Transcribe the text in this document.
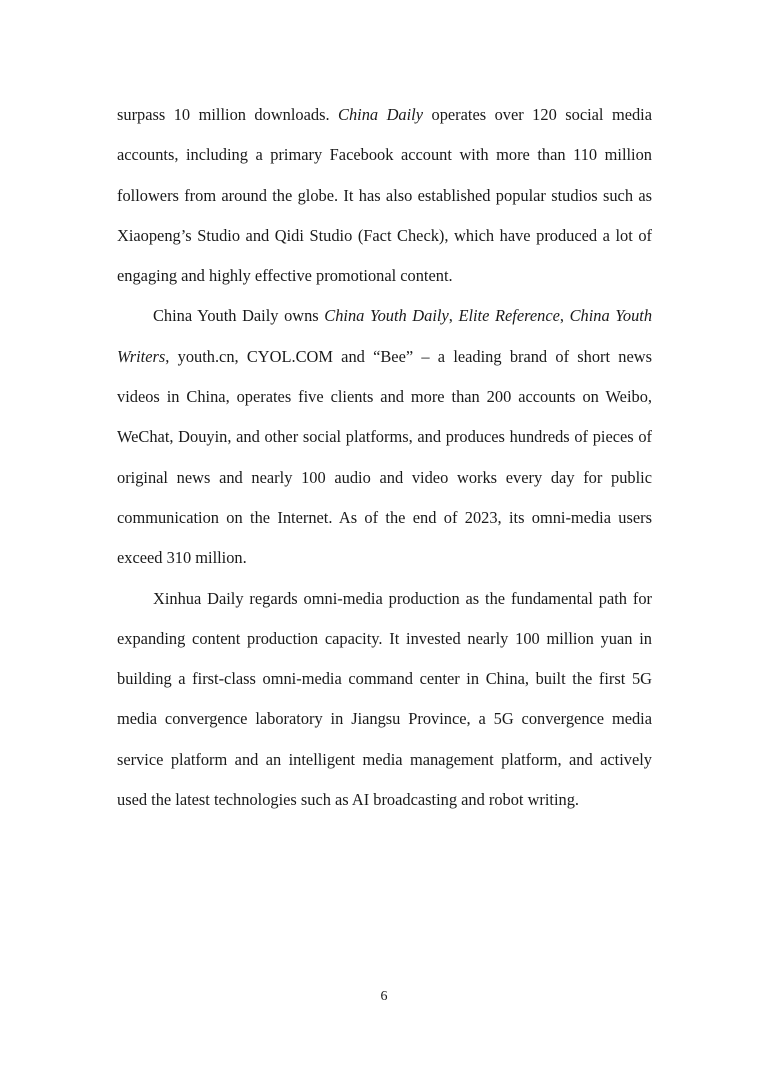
surpass 10 million downloads. China Daily operates over 120 social media accounts, including a primary Facebook account with more than 110 million followers from around the globe. It has also established popular studios such as Xiaopeng’s Studio and Qidi Studio (Fact Check), which have produced a lot of engaging and highly effective promotional content.

China Youth Daily owns China Youth Daily, Elite Reference, China Youth Writers, youth.cn, CYOL.COM and “Bee” – a leading brand of short news videos in China, operates five clients and more than 200 accounts on Weibo, WeChat, Douyin, and other social platforms, and produces hundreds of pieces of original news and nearly 100 audio and video works every day for public communication on the Internet. As of the end of 2023, its omni-media users exceed 310 million.

Xinhua Daily regards omni-media production as the fundamental path for expanding content production capacity. It invested nearly 100 million yuan in building a first-class omni-media command center in China, built the first 5G media convergence laboratory in Jiangsu Province, a 5G convergence media service platform and an intelligent media management platform, and actively used the latest technologies such as AI broadcasting and robot writing.

6
